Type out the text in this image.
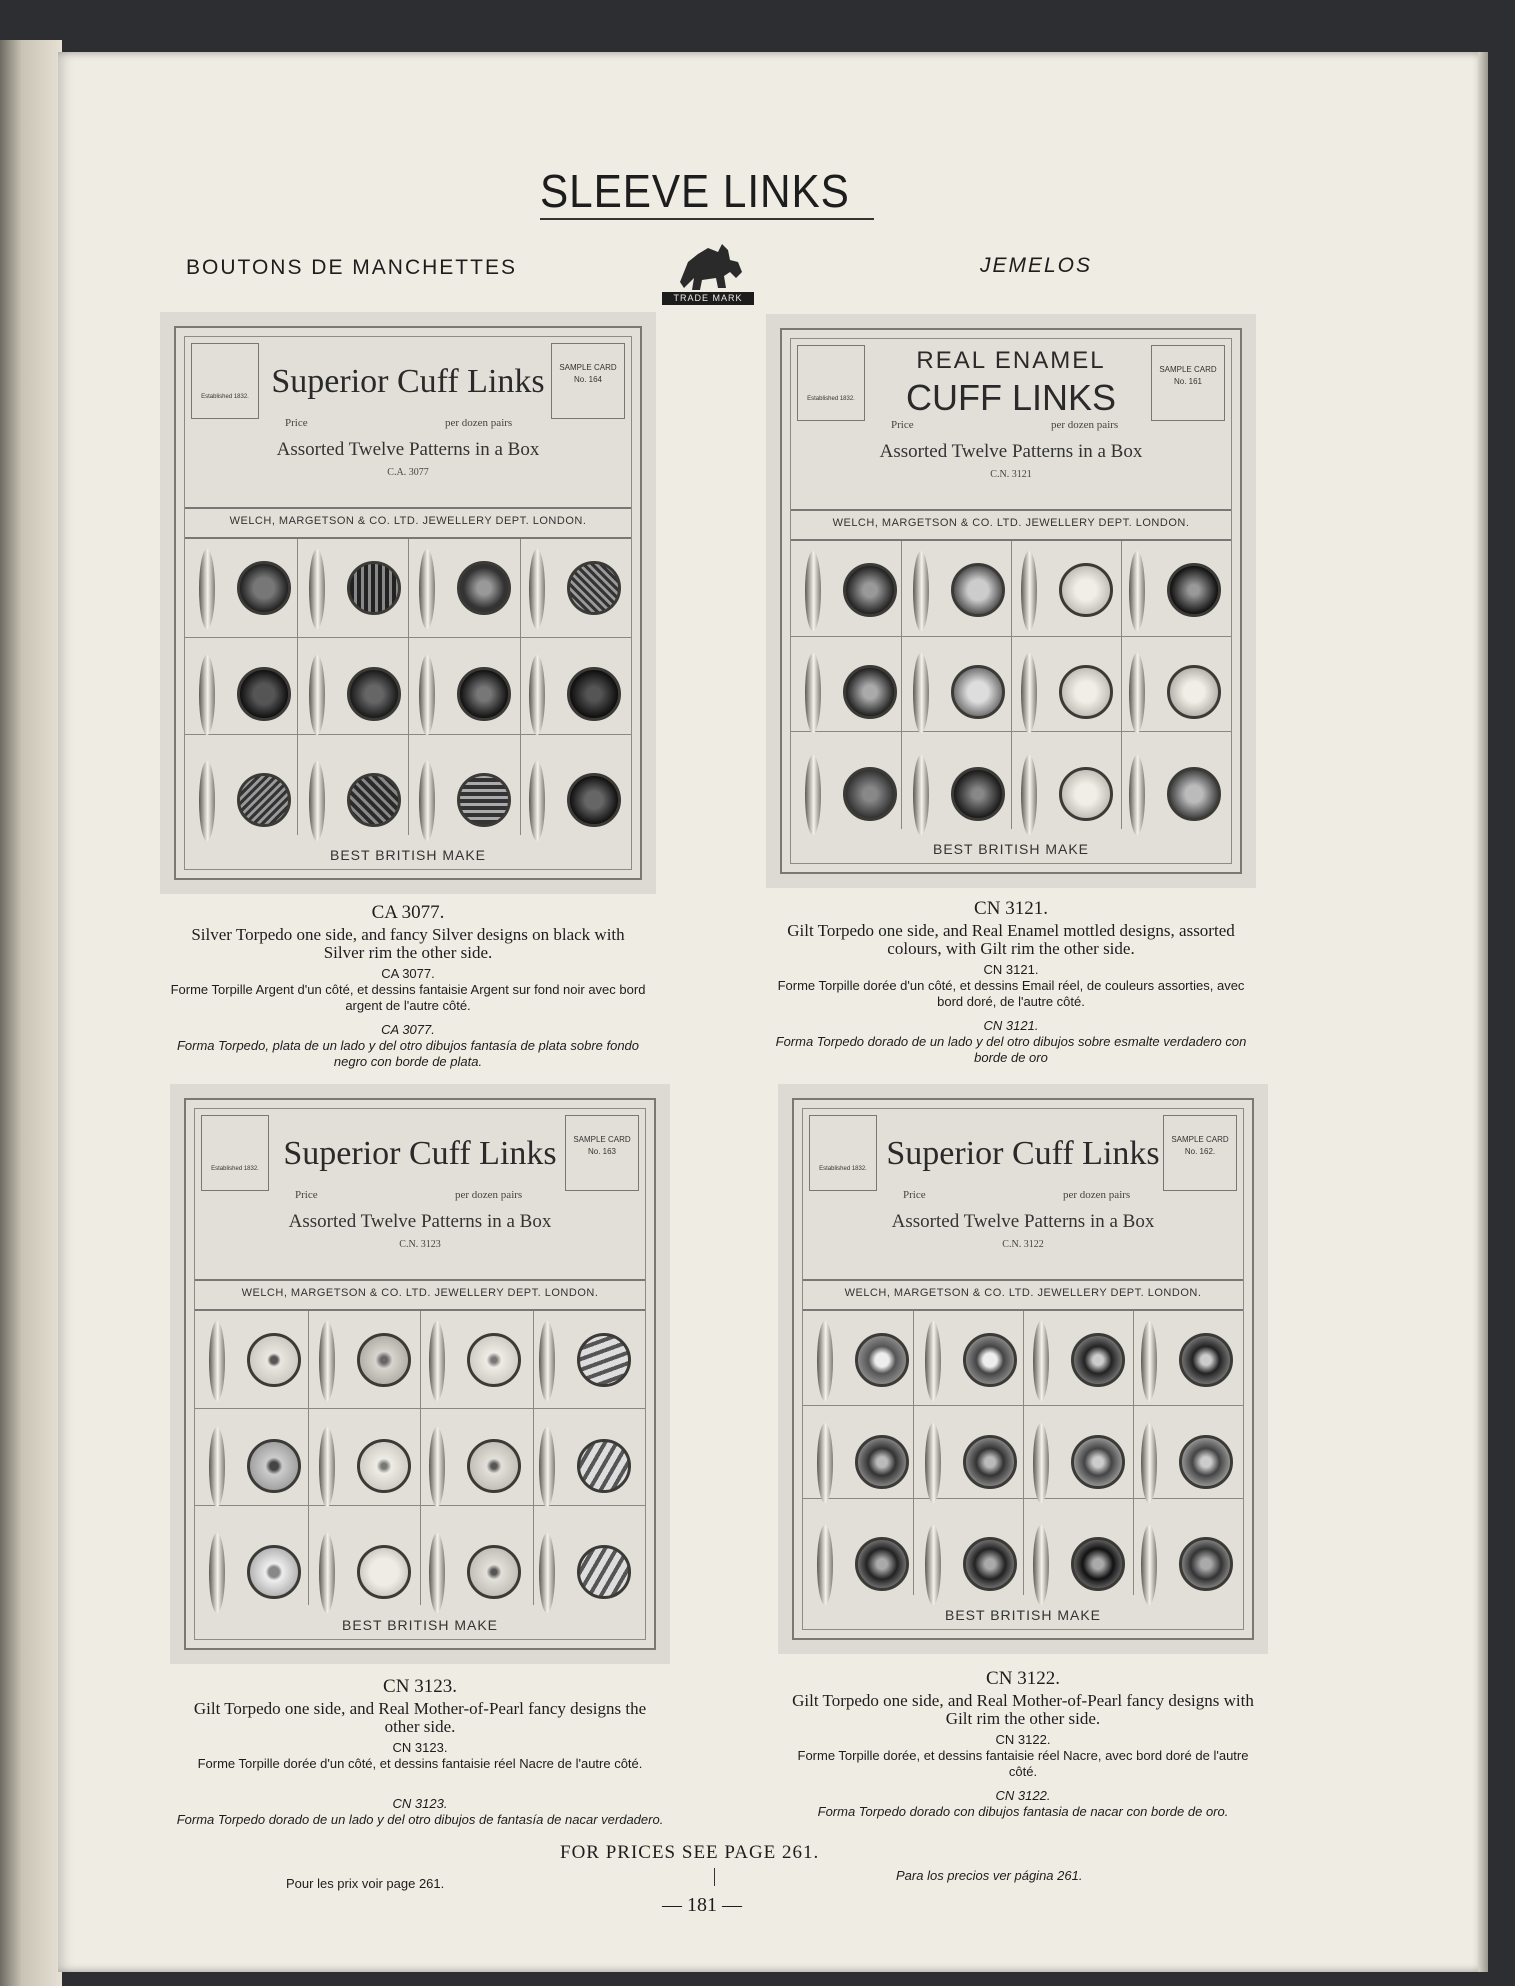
SLEEVE LINKS
BOUTONS DE MANCHETTES	JEMELOS
TRADE MARK
Established 1832. Superior Cuff Links	SAMPLE CARD
No. 164
Price	per dozen pairs
Assorted Twelve Patterns in a Box
C.A. 3077
WELCH, MARGETSON & CO. LTD. JEWELLERY DEPT. LONDON.
BEST BRITISH MAKE
Established 1832.
REAL ENAMEL
CUFF LINKS
SAMPLE CARD
No. 161
Price	per dozen pairs
Assorted Twelve Patterns in a Box
C.N. 3121
WELCH, MARGETSON & CO. LTD. JEWELLERY DEPT. LONDON.
BEST BRITISH MAKE
Established 1832. Superior Cuff Links	SAMPLE CARD
No. 163
Price	per dozen pairs
Assorted Twelve Patterns in a Box
C.N. 3123
WELCH, MARGETSON & CO. LTD. JEWELLERY DEPT. LONDON.
BEST BRITISH MAKE
Established 1832. Superior Cuff Links	SAMPLE CARD
No. 162.
Price	per dozen pairs
Assorted Twelve Patterns in a Box
C.N. 3122
WELCH, MARGETSON & CO. LTD. JEWELLERY DEPT. LONDON.
BEST BRITISH MAKE
CA 3077.
Silver Torpedo one side, and fancy Silver designs on black with Silver rim the other side.
CA 3077.
Forme Torpille Argent d'un côté, et dessins fantaisie Argent sur fond noir avec bord argent de l'autre côté.
CA 3077.
Forma Torpedo, plata de un lado y del otro dibujos fantasía de plata sobre fondo negro con borde de plata.
CN 3121.
Gilt Torpedo one side, and Real Enamel mottled designs, assorted colours, with Gilt rim the other side.
CN 3121.
Forme Torpille dorée d'un côté, et dessins Email réel, de couleurs assorties, avec bord doré, de l'autre côté.
CN 3121.
Forma Torpedo dorado de un lado y del otro dibujos sobre esmalte verdadero con borde de oro
CN 3123.
Gilt Torpedo one side, and Real Mother-of-Pearl fancy designs the other side.
CN 3123.
Forme Torpille dorée d'un côté, et dessins fantaisie réel Nacre de l'autre côté.
CN 3123.
Forma Torpedo dorado de un lado y del otro dibujos de fantasía de nacar verdadero.
CN 3122.
Gilt Torpedo one side, and Real Mother-of-Pearl fancy designs with Gilt rim the other side.
CN 3122.
Forme Torpille dorée, et dessins fantaisie réel Nacre, avec bord doré de l'autre côté.
CN 3122.
Forma Torpedo dorado con dibujos fantasia de nacar con borde de oro.
FOR PRICES SEE PAGE 261.
Pour les prix voir page 261.
Para los precios ver página 261.
— 181 —
